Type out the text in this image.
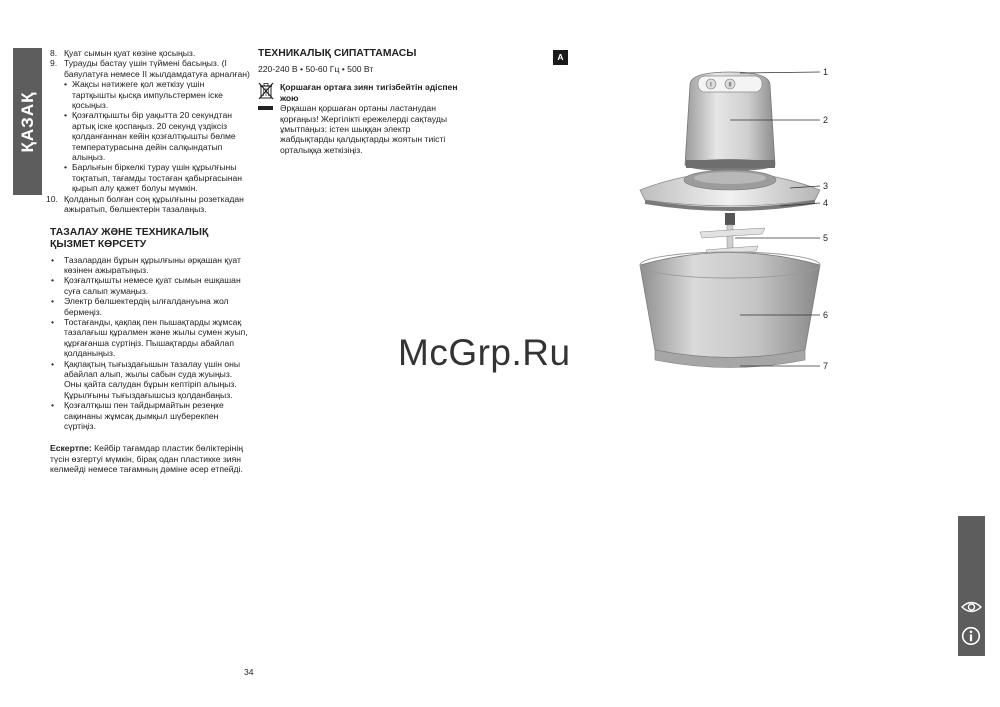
ҚАЗАҚ
8. Қуат сымын қуат көзіне қосыңыз.
9. Турауды бастау үшін түймені басыңыз. (I баяулатуға немесе II жылдамдатуға арналған)
• Жақсы нәтижеге қол жеткізу үшін тартқышты қысқа импульстермен іске қосыңыз.
• Қозғалтқышты бір уақытта 20 секундтан артық іске қоспаңыз. 20 секунд үздіксіз қолданғаннан кейін қозғалтқышты бөлме температурасына дейін салқындатып алыңыз.
• Барлығын біркелкі турау үшін құрылғыны тоқтатып, тағамды тостаған қабырғасынан қырып алу қажет болуы мүмкін.
10. Қолданып болған соң құрылғыны розеткадан ажыратып, бөлшектерін тазалаңыз.
ТАЗАЛАУ ЖӘНЕ ТЕХНИКАЛЫҚ ҚЫЗМЕТ КӨРСЕТУ
• Тазалардан бұрын құрылғыны әрқашан қуат көзінен ажыратыңыз.
• Қозғалтқышты немесе қуат сымын ешқашан суға салып жумаңыз.
• Электр бөлшектердің ылғалдануына жол бермеңіз.
• Тостағанды, қақпақ пен пышақтарды жұмсақ тазалағыш құралмен және жылы сумен жуып, құрғағанша сүртіңіз. Пышақтарды абайлап қолданыңыз.
• Қақпақтың тығыздағышын тазалау үшін оны абайлап алып, жылы сабын суда жуыңыз. Оны қайта салудан бұрын кептіріп алыңыз. Құрылғыны тығыздағышсыз қолданбаңыз.
• Қозғалтқыш пен тайдырмайтын резеңке сақинаны жұмсақ дымқыл шүберекпен сүртіңіз.
Ескертпе: Кейбір тағамдар пластик бөліктерінің түсін өзгертуі мүмкін, бірақ одан пластикке зиян келмейді немесе тағамның дәміне әсер етпейді.
ТЕХНИКАЛЫҚ СИПАТТАМАСЫ
220-240 В • 50-60 Гц • 500 Вт
Қоршаған ортаға зиян тигізбейтін әдіспен жою
Әрқашан қоршаған ортаны ластанудан қорғаңыз! Жергілікті ережелерді сақтауды ұмытпаңыз: істен шыққан электр жабдықтарды қалдықтарды жоятын тиісті орталыққа жеткізіңіз.
A
I	II
1
2
3
4
5
6
7
McGrp.Ru
34
